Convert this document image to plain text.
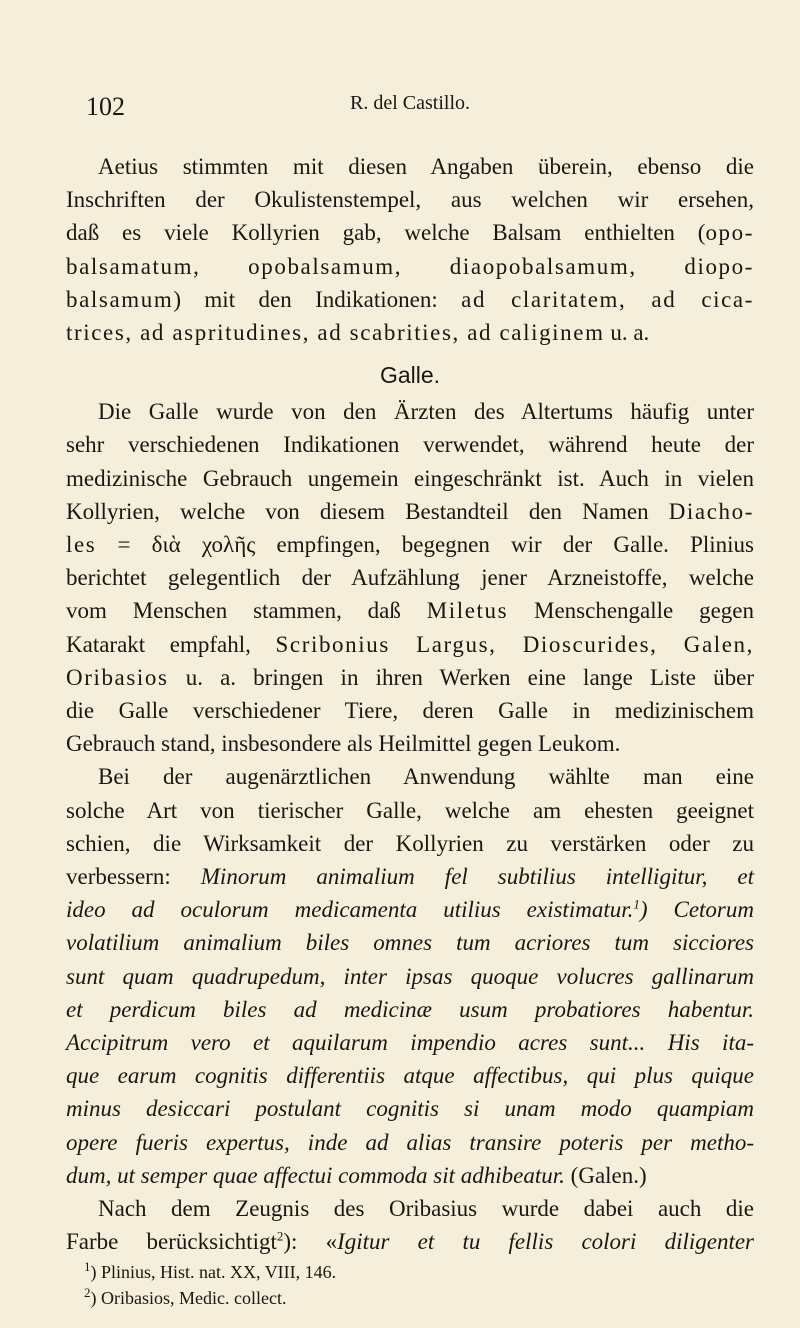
102	R. del Castillo.
Aetius stimmten mit diesen Angaben überein, ebenso die
Inschriften der Okulistenstempel, aus welchen wir ersehen,
daß es viele Kollyrien gab, welche Balsam enthielten (opo-
balsamatum, opobalsamum, diaopobalsamum, diopo-
balsamum) mit den Indikationen: ad claritatem, ad cica-
trices, ad aspritudines, ad scabrities, ad caliginem u. a.
Galle.
Die Galle wurde von den Ärzten des Altertums häufig unter
sehr verschiedenen Indikationen verwendet, während heute der
medizinische Gebrauch ungemein eingeschränkt ist. Auch in vielen
Kollyrien, welche von diesem Bestandteil den Namen Diacho-
les = διὰ χολῆς empfingen, begegnen wir der Galle. Plinius
berichtet gelegentlich der Aufzählung jener Arzneistoffe, welche
vom Menschen stammen, daß Miletus Menschengalle gegen
Katarakt empfahl, Scribonius Largus, Dioscurides, Galen,
Oribasios u. a. bringen in ihren Werken eine lange Liste über
die Galle verschiedener Tiere, deren Galle in medizinischem
Gebrauch stand, insbesondere als Heilmittel gegen Leukom.
Bei der augenärztlichen Anwendung wählte man eine
solche Art von tierischer Galle, welche am ehesten geeignet
schien, die Wirksamkeit der Kollyrien zu verstärken oder zu
verbessern: Minorum animalium fel subtilius intelligitur, et
ideo ad oculorum medicamenta utilius existimatur.$^1$) Cetorum
volatilium animalium biles omnes tum acriores tum sicciores
sunt quam quadrupedum, inter ipsas quoque volucres gallinarum
et perdicum biles ad medicinæ usum probatiores habentur.
Accipitrum vero et aquilarum impendio acres sunt... His ita-
que earum cognitis differentiis atque affectibus, qui plus quique
minus desiccari postulant cognitis si unam modo quampiam
opere fueris expertus, inde ad alias transire poteris per metho-
dum, ut semper quae affectui commoda sit adhibeatur. (Galen.)
Nach dem Zeugnis des Oribasius wurde dabei auch die
Farbe berücksichtigt$^2$): «Igitur et tu fellis colori diligenter
$^1$) Plinius, Hist. nat. XX, VIII, 146.
$^2$) Oribasios, Medic. collect.
